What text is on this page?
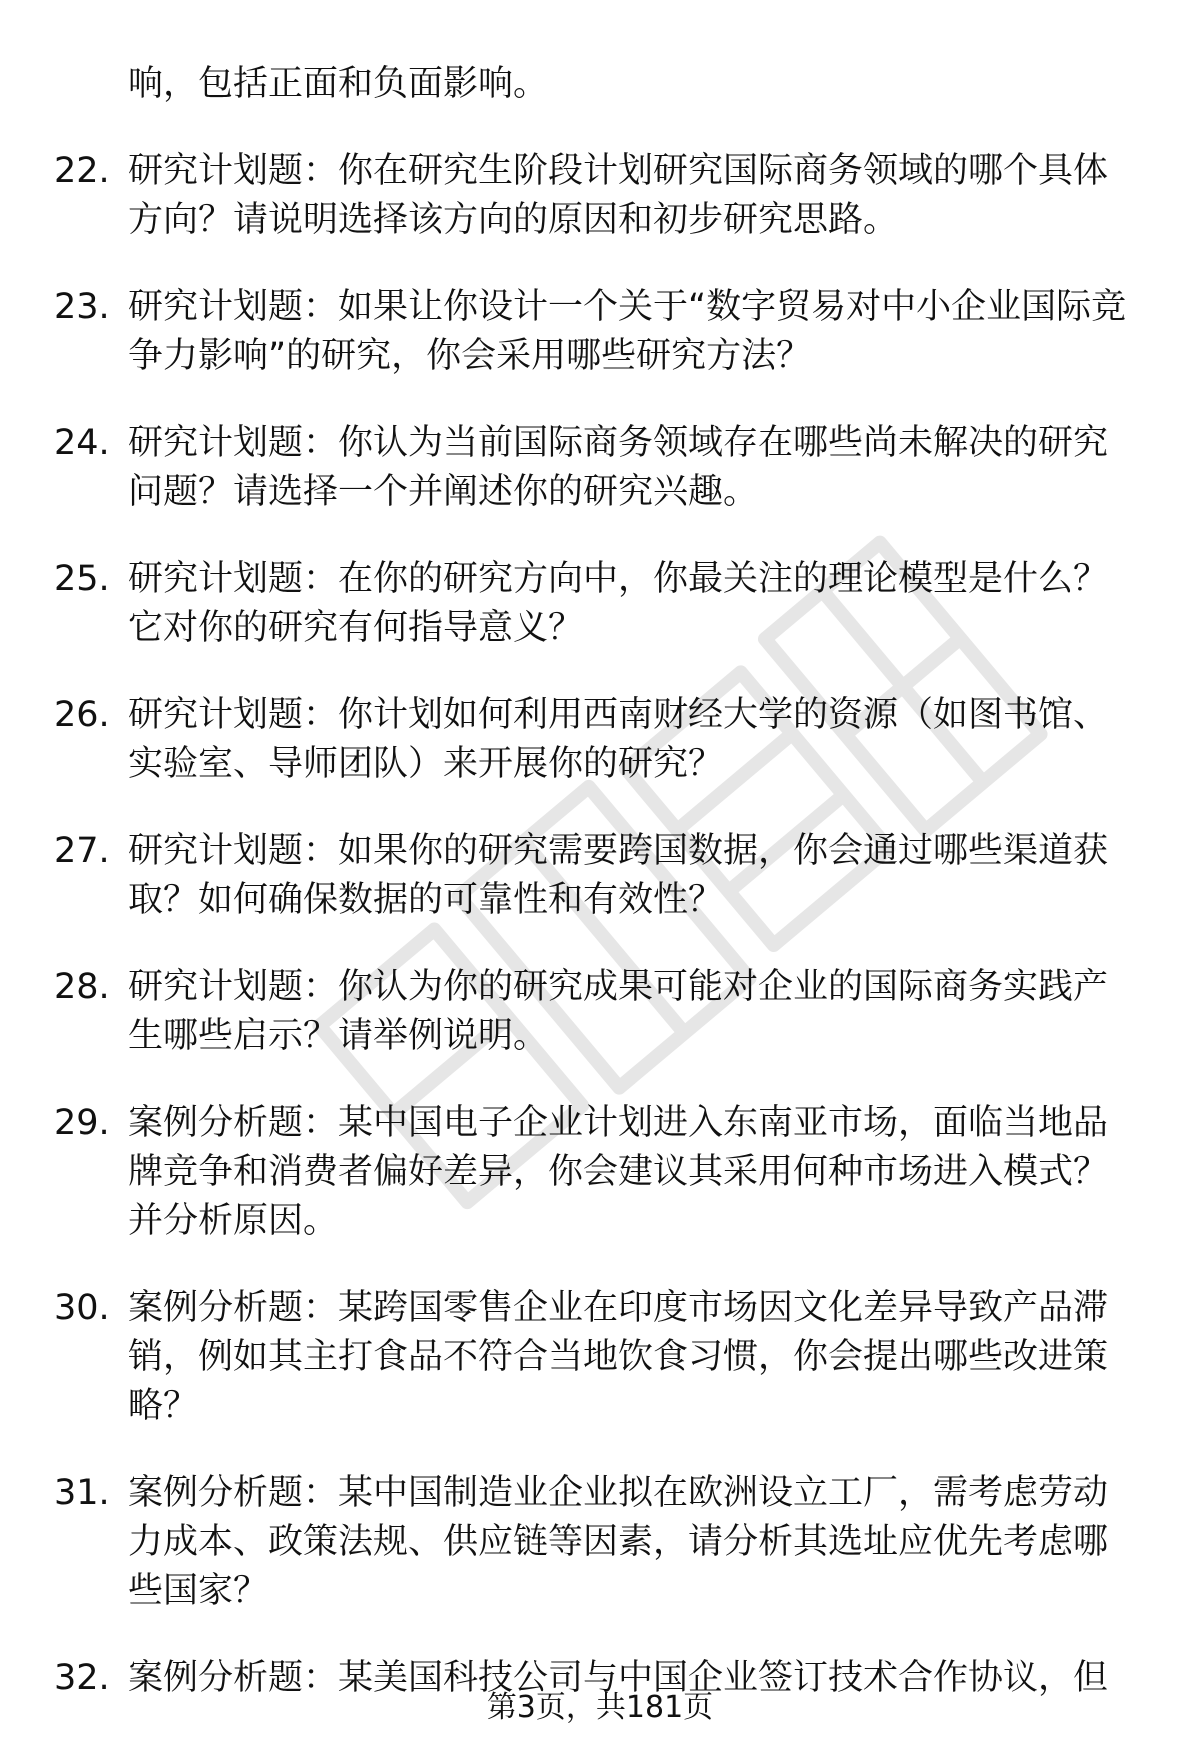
响，包括正面和负面影响。
22. 研究计划题：你在研究生阶段计划研究国际商务领域的哪个具体方向？请说明选择该方向的原因和初步研究思路。
23. 研究计划题：如果让你设计一个关于“数字贸易对中小企业国际竞争力影响”的研究，你会采用哪些研究方法？
24. 研究计划题：你认为当前国际商务领域存在哪些尚未解决的研究问题？请选择一个并阐述你的研究兴趣。
25. 研究计划题：在你的研究方向中，你最关注的理论模型是什么？它对你的研究有何指导意义？
26. 研究计划题：你计划如何利用西南财经大学的资源（如图书馆、实验室、导师团队）来开展你的研究？
27. 研究计划题：如果你的研究需要跨国数据，你会通过哪些渠道获取？如何确保数据的可靠性和有效性？
28. 研究计划题：你认为你的研究成果可能对企业的国际商务实践产生哪些启示？请举例说明。
29. 案例分析题：某中国电子企业计划进入东南亚市场，面临当地品牌竞争和消费者偏好差异，你会建议其采用何种市场进入模式？并分析原因。
30. 案例分析题：某跨国零售企业在印度市场因文化差异导致产品滞销，例如其主打食品不符合当地饮食习惯，你会提出哪些改进策略？
31. 案例分析题：某中国制造业企业拟在欧洲设立工厂，需考虑劳动力成本、政策法规、供应链等因素，请分析其选址应优先考虑哪些国家？
32. 案例分析题：某美国科技公司与中国企业签订技术合作协议，但
第3页，共181页
